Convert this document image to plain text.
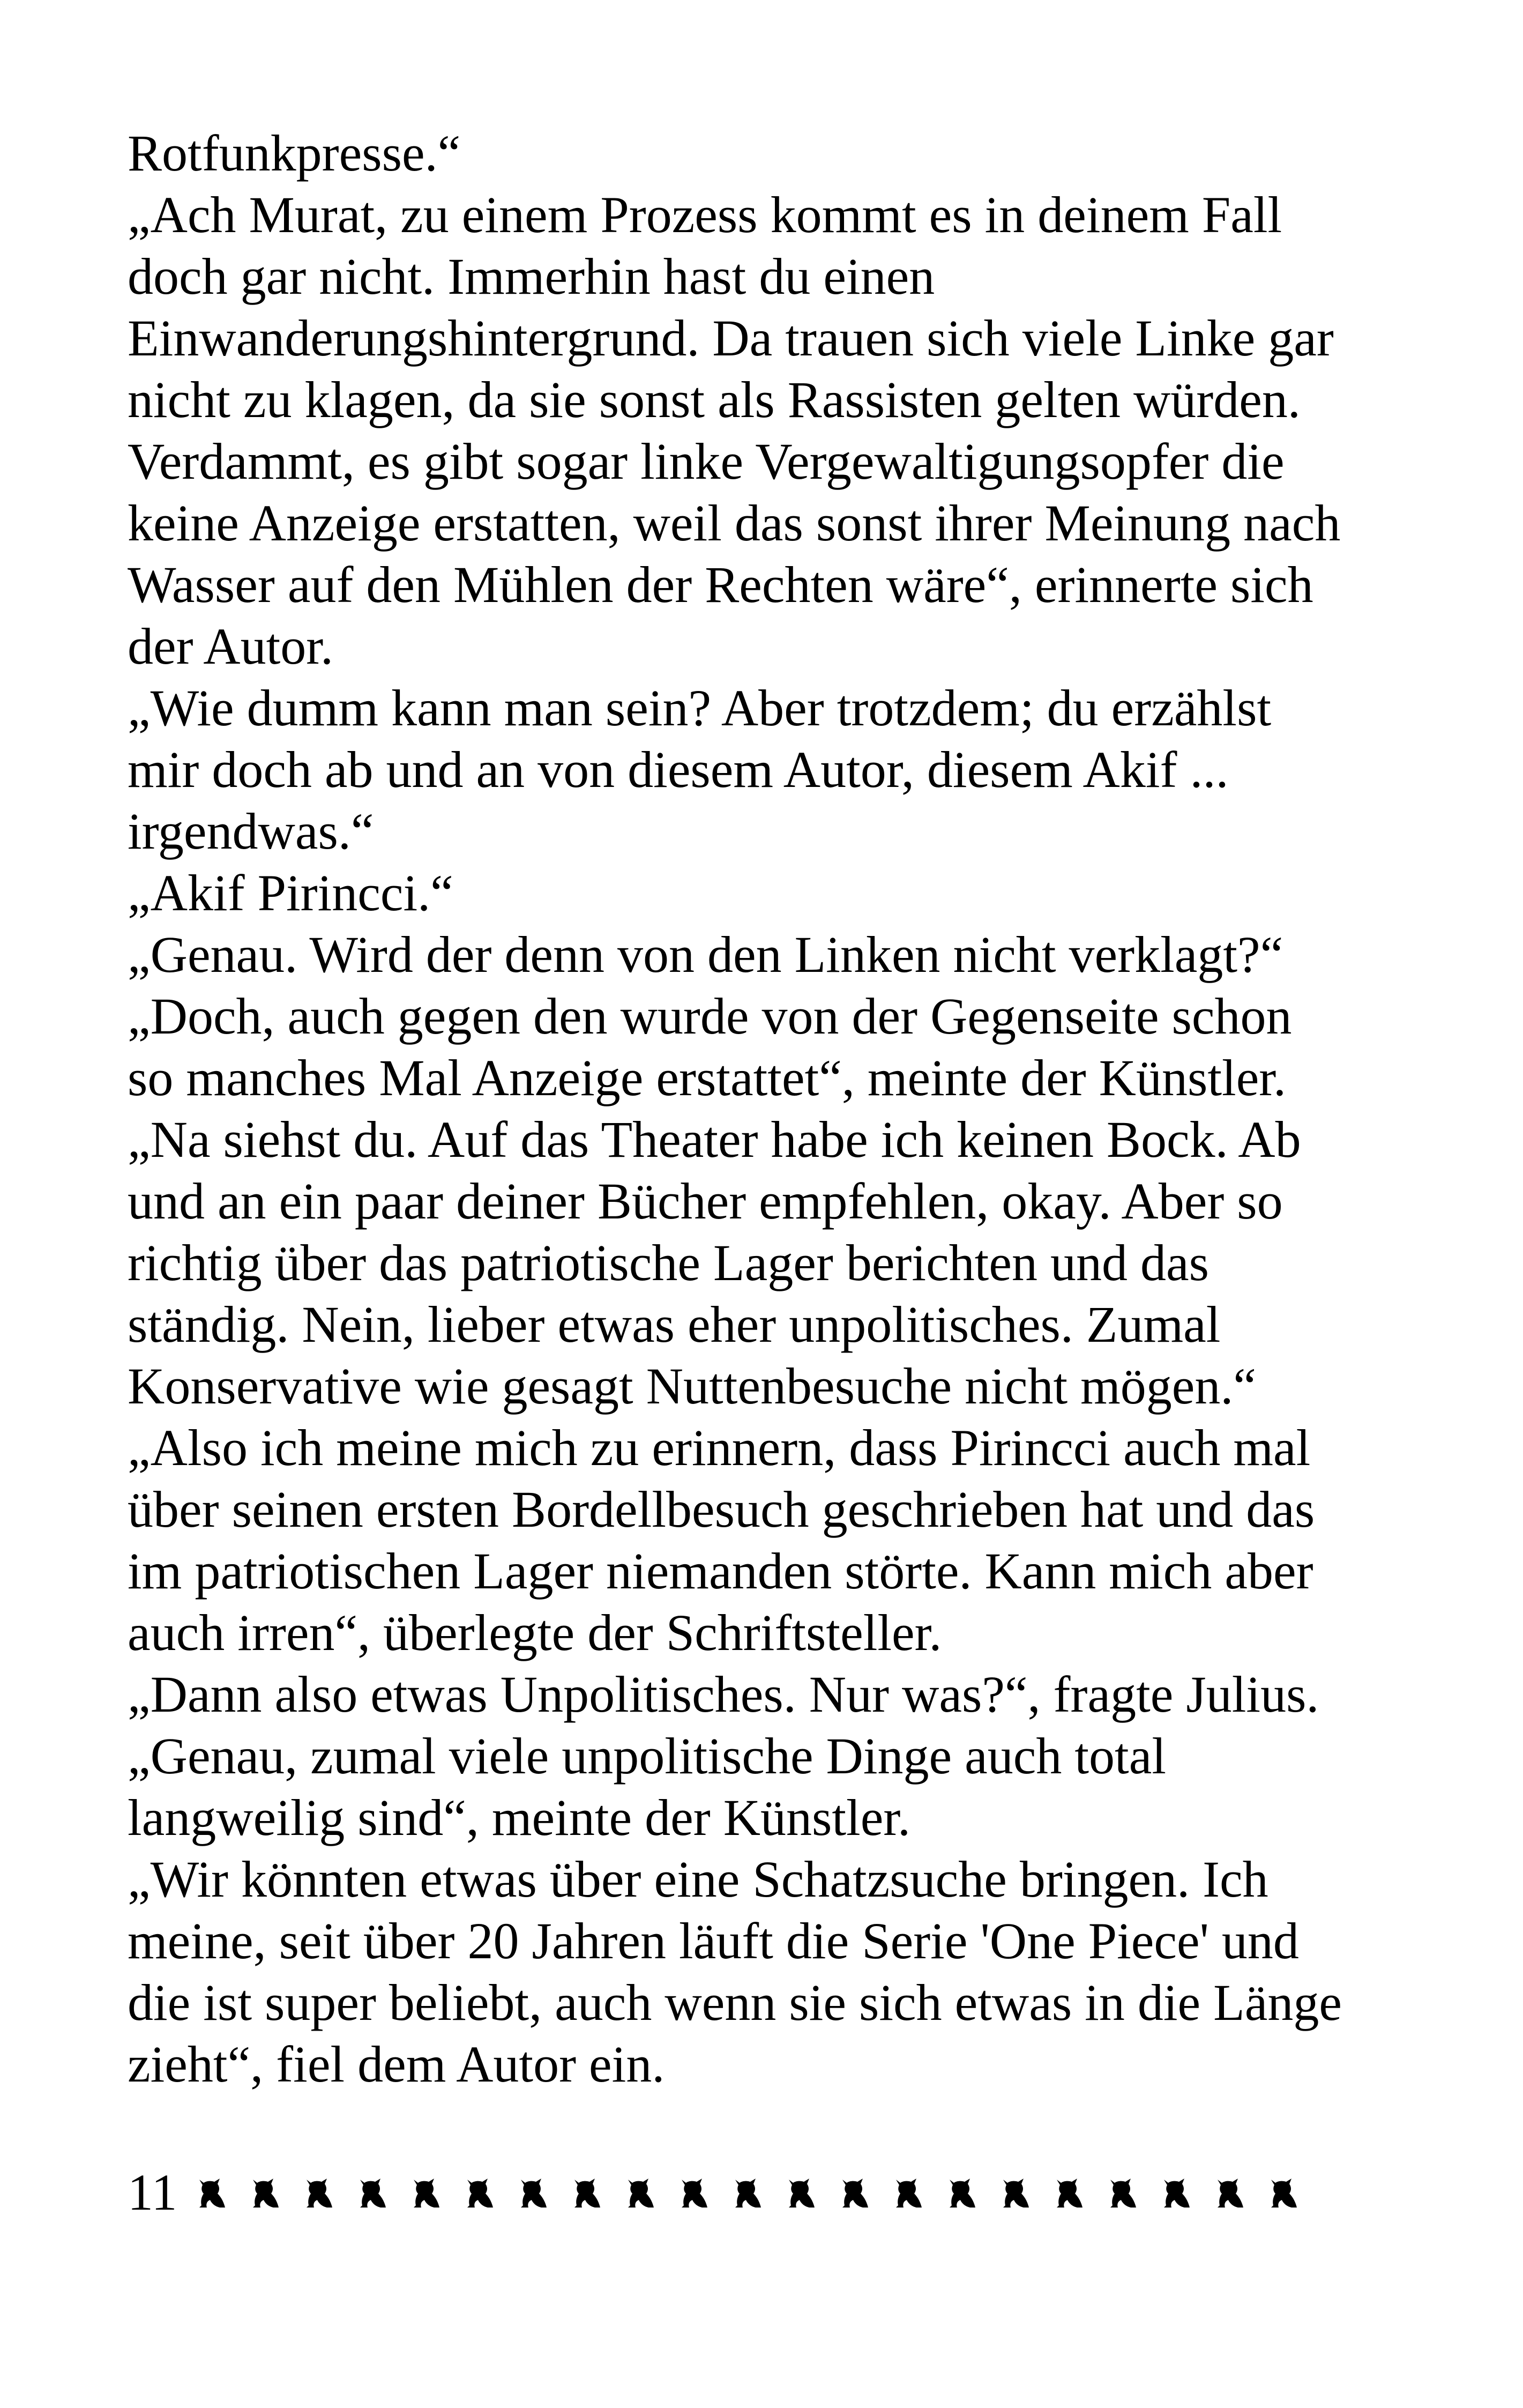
Rotfunkpresse.“
„Ach Murat, zu einem Prozess kommt es in deinem Fall
doch gar nicht. Immerhin hast du einen
Einwanderungshintergrund. Da trauen sich viele Linke gar
nicht zu klagen, da sie sonst als Rassisten gelten würden.
Verdammt, es gibt sogar linke Vergewaltigungsopfer die
keine Anzeige erstatten, weil das sonst ihrer Meinung nach
Wasser auf den Mühlen der Rechten wäre“, erinnerte sich
der Autor.
„Wie dumm kann man sein? Aber trotzdem; du erzählst
mir doch ab und an von diesem Autor, diesem Akif ...
irgendwas.“
„Akif Pirincci.“
„Genau. Wird der denn von den Linken nicht verklagt?“
„Doch, auch gegen den wurde von der Gegenseite schon
so manches Mal Anzeige erstattet“, meinte der Künstler.
„Na siehst du. Auf das Theater habe ich keinen Bock. Ab
und an ein paar deiner Bücher empfehlen, okay. Aber so
richtig über das patriotische Lager berichten und das
ständig. Nein, lieber etwas eher unpolitisches. Zumal
Konservative wie gesagt Nuttenbesuche nicht mögen.“
„Also ich meine mich zu erinnern, dass Pirincci auch mal
über seinen ersten Bordellbesuch geschrieben hat und das
im patriotischen Lager niemanden störte. Kann mich aber
auch irren“, überlegte der Schriftsteller.
„Dann also etwas Unpolitisches. Nur was?“, fragte Julius.
„Genau, zumal viele unpolitische Dinge auch total
langweilig sind“, meinte der Künstler.
„Wir könnten etwas über eine Schatzsuche bringen. Ich
meine, seit über 20 Jahren läuft die Serie 'One Piece' und
die ist super beliebt, auch wenn sie sich etwas in die Länge
zieht“, fiel dem Autor ein.
11
